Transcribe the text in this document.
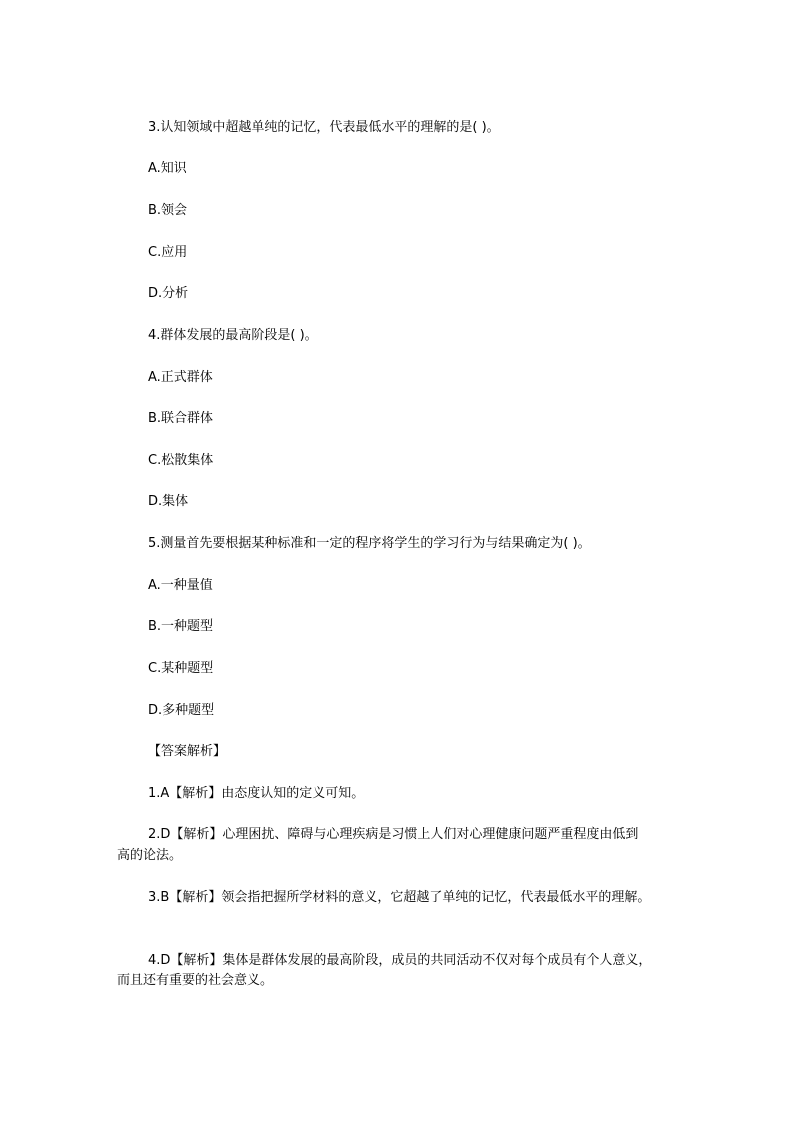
3.认知领域中超越单纯的记忆，代表最低水平的理解的是( )。
A.知识
B.领会
C.应用
D.分析
4.群体发展的最高阶段是( )。
A.正式群体
B.联合群体
C.松散集体
D.集体
5.测量首先要根据某种标准和一定的程序将学生的学习行为与结果确定为( )。
A.一种量值
B.一种题型
C.某种题型
D.多种题型
【答案解析】
1.A【解析】由态度认知的定义可知。
2.D【解析】心理困扰、障碍与心理疾病是习惯上人们对心理健康问题严重程度由低到
高的论法。
3.B【解析】领会指把握所学材料的意义，它超越了单纯的记忆，代表最低水平的理解。
4.D【解析】集体是群体发展的最高阶段，成员的共同活动不仅对每个成员有个人意义，
而且还有重要的社会意义。
